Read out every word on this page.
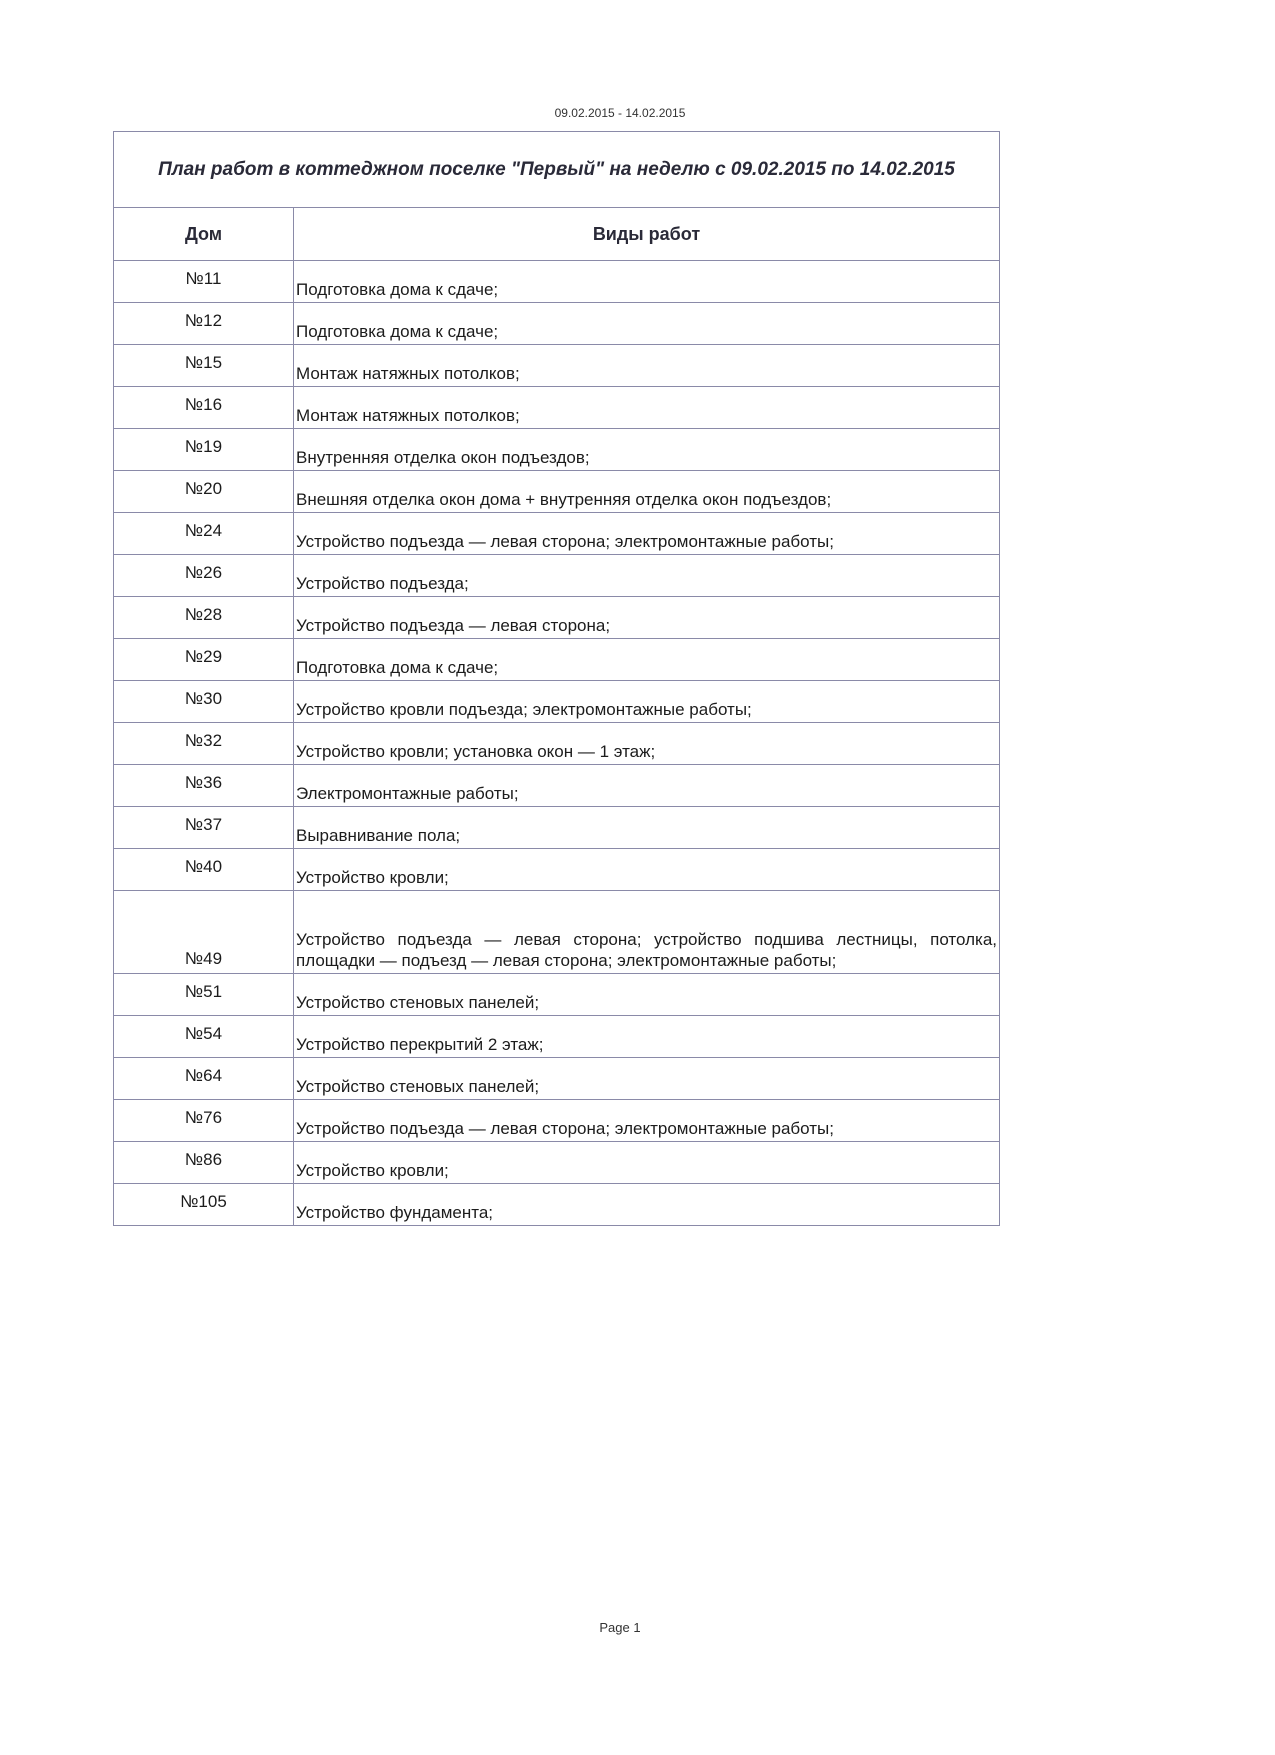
09.02.2015 - 14.02.2015
План работ в коттеджном поселке "Первый" на неделю с 09.02.2015 по 14.02.2015	
Дом	Виды работ
№11	Подготовка дома к сдаче;
№12	Подготовка дома к сдаче;
№15	Монтаж натяжных потолков;
№16	Монтаж натяжных потолков;
№19	Внутренняя отделка окон подъездов;
№20	Внешняя отделка окон дома + внутренняя отделка окон подъездов;
№24	Устройство подъезда — левая сторона; электромонтажные работы;
№26	Устройство подъезда;
№28	Устройство подъезда — левая сторона;
№29	Подготовка дома к сдаче;
№30	Устройство кровли подъезда; электромонтажные работы;
№32	Устройство кровли; установка окон — 1 этаж;
№36	Электромонтажные работы;
№37	Выравнивание пола;
№40	Устройство кровли;
№49	Устройство подъезда — левая сторона; устройство подшива лестницы, потолка, площадки — подъезд — левая сторона; электромонтажные работы;
№51	Устройство стеновых панелей;
№54	Устройство перекрытий 2 этаж;
№64	Устройство стеновых панелей;
№76	Устройство подъезда — левая сторона; электромонтажные работы;
№86	Устройство кровли;
№105	Устройство фундамента;
Page 1
